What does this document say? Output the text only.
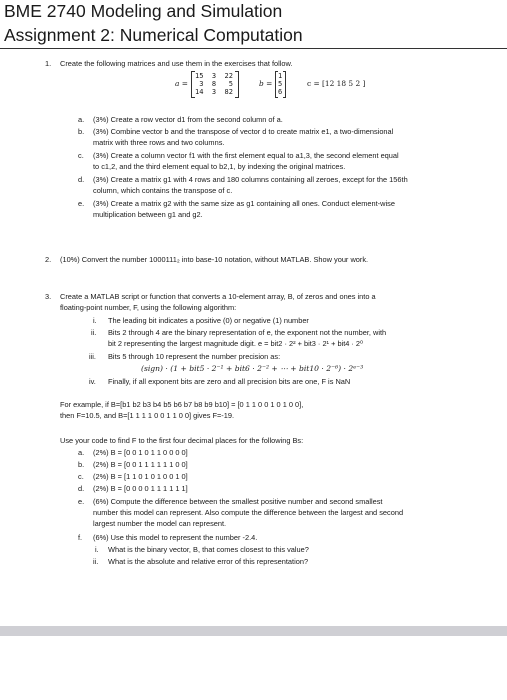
BME 2740 Modeling and Simulation
Assignment 2: Numerical Computation
1. Create the following matrices and use them in the exercises that follow.
a =
15  3  22
3  8   5
14  3  82
b =
1
5
6
c = [12 18 5 2 ]
a. (3%) Create a row vector d1 from the second column of a.
b. (3%) Combine vector b and the transpose of vector d to create matrix e1, a two-dimensional
matrix with three rows and two columns.
c. (3%) Create a column vector f1 with the first element equal to a1,3, the second element equal
to c1,2, and the third element equal to b2,1, by indexing the original matrices.
d. (3%) Create a matrix g1 with 4 rows and 180 columns containing all zeroes, except for the 156th
column, which contains the transpose of c.
e. (3%) Create a matrix g2 with the same size as g1 containing all ones. Conduct element-wise
multiplication between g1 and g2.
2. (10%) Convert the number 1000111₂ into base-10 notation, without MATLAB. Show your work.
3. Create a MATLAB script or function that converts a 10-element array, B, of zeros and ones into a
floating-point number, F, using the following algorithm:
i. The leading bit indicates a positive (0) or negative (1) number
ii. Bits 2 through 4 are the binary representation of e, the exponent not the number, with
bit 2 representing the largest magnitude digit. e = bit2 · 2² + bit3 · 2¹ + bit4 · 2⁰
iii. Bits 5 through 10 represent the number precision as:
(sign) · (1 + bit5 · 2⁻¹ + bit6 · 2⁻² + ⋯ + bit10 · 2⁻⁶) · 2ᵉ⁻³
iv. Finally, if all exponent bits are zero and all precision bits are one, F is NaN
For example, if B=[b1 b2 b3 b4 b5 b6 b7 b8 b9 b10] = [0 1 1 0 0 1 0 1 0 0],
then F=10.5, and B=[1 1 1 1 0 0 1 1 0 0] gives F=-19.
Use your code to find F to the first four decimal places for the following Bs:
a. (2%) B = [0 0 1 0 1 1 0 0 0 0]
b. (2%) B = [0 0 1 1 1 1 1 1 0 0]
c. (2%) B = [1 1 0 1 0 1 0 0 1 0]
d. (2%) B = [0 0 0 0 1 1 1 1 1 1]
e. (6%) Compute the difference between the smallest positive number and second smallest
number this model can represent. Also compute the difference between the largest and second
largest number the model can represent.
f. (6%) Use this model to represent the number -2.4.
i. What is the binary vector, B, that comes closest to this value?
ii. What is the absolute and relative error of this representation?
